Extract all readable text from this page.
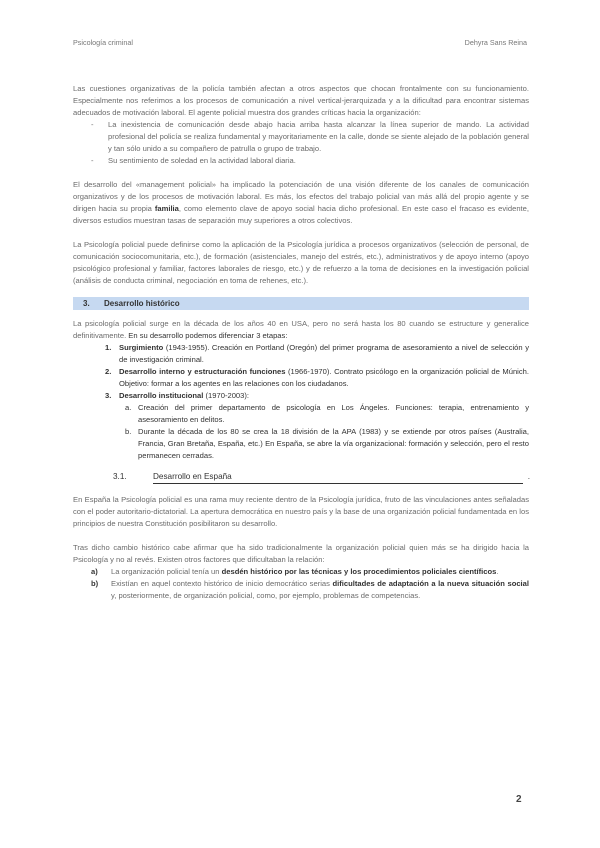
Psicología criminal	Dehyra Sans Reina

Las cuestiones organizativas de la policía también afectan a otros aspectos que chocan frontalmente con su funcionamiento. Especialmente nos referimos a los procesos de comunicación a nivel vertical-jerarquizada y a la dificultad para encontrar sistemas adecuados de motivación laboral. El agente policial muestra dos grandes críticas hacia la organización:

- La inexistencia de comunicación desde abajo hacia arriba hasta alcanzar la línea superior de mando. La actividad profesional del policía se realiza fundamental y mayoritariamente en la calle, donde se siente alejado de la población general y tan sólo unido a su compañero de patrulla o grupo de trabajo.
- Su sentimiento de soledad en la actividad laboral diaria.

El desarrollo del «management policial» ha implicado la potenciación de una visión diferente de los canales de comunicación organizativos y de los procesos de motivación laboral. Es más, los efectos del trabajo policial van más allá del propio agente y se dirigen hacia su propia familia, como elemento clave de apoyo social hacia dicho profesional. En este caso el fracaso es evidente, diversos estudios muestran tasas de separación muy superiores a otros colectivos.

La Psicología policial puede definirse como la aplicación de la Psicología jurídica a procesos organizativos (selección de personal, de comunicación sociocomunitaria, etc.), de formación (asistenciales, manejo del estrés, etc.), administrativos y de apoyo interno (apoyo psicológico profesional y familiar, factores laborales de riesgo, etc.) y de refuerzo a la toma de decisiones en la investigación policial (análisis de conducta criminal, negociación en toma de rehenes, etc.).

3. Desarrollo histórico

La psicología policial surge en la década de los años 40 en USA, pero no será hasta los 80 cuando se estructure y generalice definitivamente. En su desarrollo podemos diferenciar 3 etapas:

1. Surgimiento (1943-1955). Creación en Portland (Oregón) del primer programa de asesoramiento a nivel de selección y de investigación criminal.
2. Desarrollo interno y estructuración funciones (1966-1970). Contrato psicólogo en la organización policial de Múnich. Objetivo: formar a los agentes en las relaciones con los ciudadanos.
3. Desarrollo institucional (1970-2003):
a. Creación del primer departamento de psicología en Los Ángeles. Funciones: terapia, entrenamiento y asesoramiento en delitos.
b. Durante la década de los 80 se crea la 18 división de la APA (1983) y se extiende por otros países (Australia, Francia, Gran Bretaña, España, etc.) En España, se abre la vía organizacional: formación y selección, pero el resto permanecen cerradas.
3.1.	Desarrollo en España	.

En España la Psicología policial es una rama muy reciente dentro de la Psicología jurídica, fruto de las vinculaciones antes señaladas con el poder autoritario-dictatorial. La apertura democrática en nuestro país y la base de una organización policial fundamentada en los principios de nuestra Constitución posibilitaron su desarrollo.

Tras dicho cambio histórico cabe afirmar que ha sido tradicionalmente la organización policial quien más se ha dirigido hacia la Psicología y no al revés. Existen otros factores que dificultaban la relación:

a) La organización policial tenía un desdén histórico por las técnicas y los procedimientos policiales científicos.
b) Existían en aquel contexto histórico de inicio democrático serias dificultades de adaptación a la nueva situación social y, posteriormente, de organización policial, como, por ejemplo, problemas de competencias.
2
